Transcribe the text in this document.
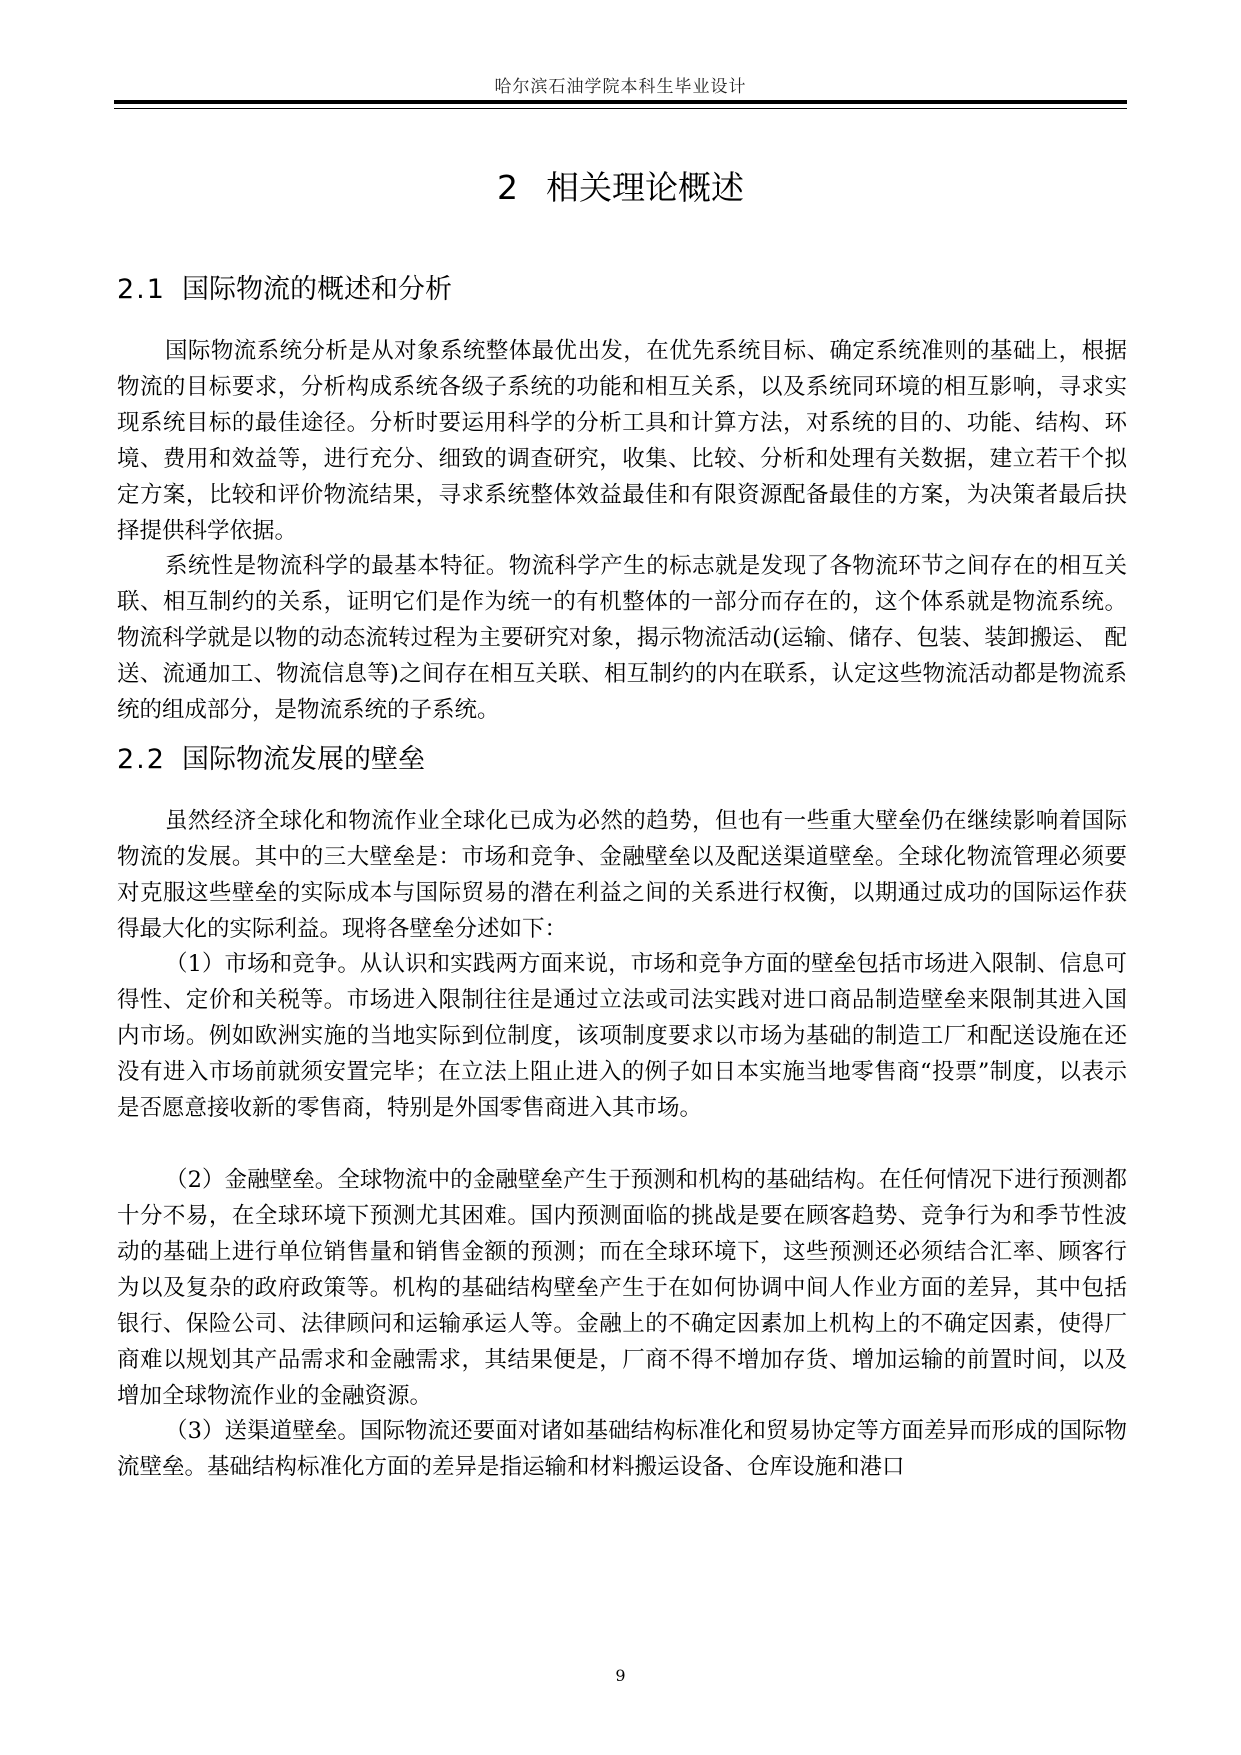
哈尔滨石油学院本科生毕业设计
2 相关理论概述
2.1 国际物流的概述和分析

国际物流系统分析是从对象系统整体最优出发，在优先系统目标、确定系统准则的基础上，根据物流的目标要求，分析构成系统各级子系统的功能和相互关系，以及系统同环境的相互影响，寻求实现系统目标的最佳途径。分析时要运用科学的分析工具和计算方法，对系统的目的、功能、结构、环境、费用和效益等，进行充分、细致的调查研究，收集、比较、分析和处理有关数据，建立若干个拟定方案，比较和评价物流结果，寻求系统整体效益最佳和有限资源配备最佳的方案，为决策者最后抉择提供科学依据。

系统性是物流科学的最基本特征。物流科学产生的标志就是发现了各物流环节之间存在的相互关联、相互制约的关系，证明它们是作为统一的有机整体的一部分而存在的，这个体系就是物流系统。物流科学就是以物的动态流转过程为主要研究对象，揭示物流活动(运输、储存、包装、装卸搬运、 配送、流通加工、物流信息等)之间存在相互关联、相互制约的内在联系，认定这些物流活动都是物流系统的组成部分，是物流系统的子系统。

2.2 国际物流发展的壁垒

虽然经济全球化和物流作业全球化已成为必然的趋势，但也有一些重大壁垒仍在继续影响着国际物流的发展。其中的三大壁垒是：市场和竞争、金融壁垒以及配送渠道壁垒。全球化物流管理必须要对克服这些壁垒的实际成本与国际贸易的潜在利益之间的关系进行权衡，以期通过成功的国际运作获得最大化的实际利益。现将各壁垒分述如下：

（1）市场和竞争。从认识和实践两方面来说，市场和竞争方面的壁垒包括市场进入限制、信息可得性、定价和关税等。市场进入限制往往是通过立法或司法实践对进口商品制造壁垒来限制其进入国内市场。例如欧洲实施的当地实际到位制度，该项制度要求以市场为基础的制造工厂和配送设施在还没有进入市场前就须安置完毕；在立法上阻止进入的例子如日本实施当地零售商“投票”制度，以表示是否愿意接收新的零售商，特别是外国零售商进入其市场。

（2）金融壁垒。全球物流中的金融壁垒产生于预测和机构的基础结构。在任何情况下进行预测都十分不易，在全球环境下预测尤其困难。国内预测面临的挑战是要在顾客趋势、竞争行为和季节性波动的基础上进行单位销售量和销售金额的预测；而在全球环境下，这些预测还必须结合汇率、顾客行为以及复杂的政府政策等。机构的基础结构壁垒产生于在如何协调中间人作业方面的差异，其中包括银行、保险公司、法律顾问和运输承运人等。金融上的不确定因素加上机构上的不确定因素，使得厂商难以规划其产品需求和金融需求，其结果便是，厂商不得不增加存货、增加运输的前置时间，以及增加全球物流作业的金融资源。

（3）送渠道壁垒。国际物流还要面对诸如基础结构标准化和贸易协定等方面差异而形成的国际物流壁垒。基础结构标准化方面的差异是指运输和材料搬运设备、仓库设施和港口

9
